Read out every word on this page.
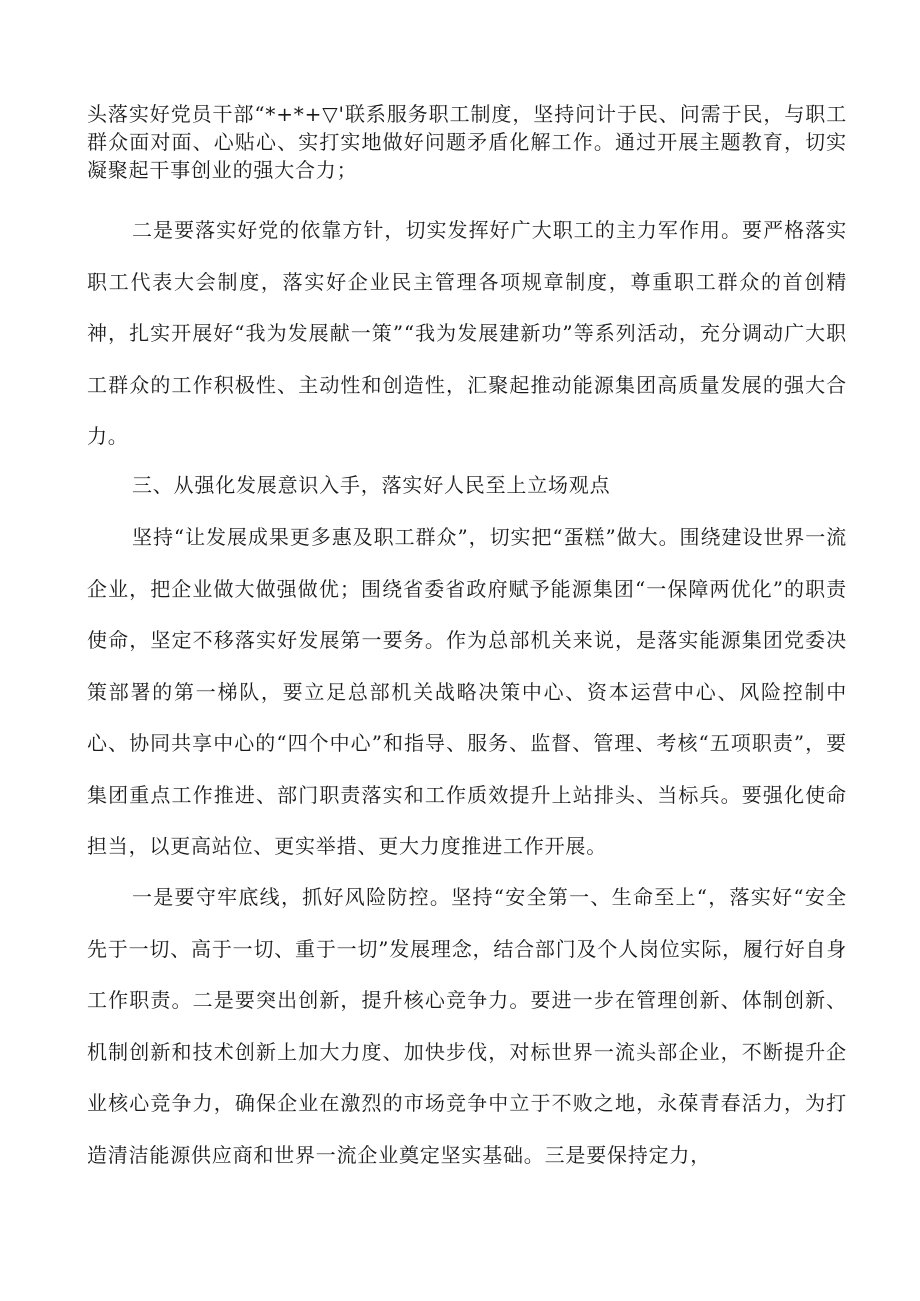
头落实好党员干部“*+*+▽'联系服务职工制度，坚持问计于民、问需于民，与职工群众面对面、心贴心、实打实地做好问题矛盾化解工作。通过开展主题教育，切实凝聚起干事创业的强大合力；

二是要落实好党的依靠方针，切实发挥好广大职工的主力军作用。要严格落实职工代表大会制度，落实好企业民主管理各项规章制度，尊重职工群众的首创精神，扎实开展好“我为发展献一策”“我为发展建新功”等系列活动，充分调动广大职工群众的工作积极性、主动性和创造性，汇聚起推动能源集团高质量发展的强大合力。

三、从强化发展意识入手，落实好人民至上立场观点

坚持“让发展成果更多惠及职工群众”，切实把“蛋糕”做大。围绕建设世界一流企业，把企业做大做强做优；围绕省委省政府赋予能源集团“一保障两优化”的职责使命，坚定不移落实好发展第一要务。作为总部机关来说，是落实能源集团党委决策部署的第一梯队，要立足总部机关战略决策中心、资本运营中心、风险控制中心、协同共享中心的“四个中心”和指导、服务、监督、管理、考核“五项职责”，要集团重点工作推进、部门职责落实和工作质效提升上站排头、当标兵。要强化使命担当，以更高站位、更实举措、更大力度推进工作开展。

一是要守牢底线，抓好风险防控。坚持“安全第一、生命至上“，落实好“安全先于一切、高于一切、重于一切”发展理念，结合部门及个人岗位实际，履行好自身工作职责。二是要突出创新，提升核心竞争力。要进一步在管理创新、体制创新、机制创新和技术创新上加大力度、加快步伐，对标世界一流头部企业，不断提升企业核心竞争力，确保企业在激烈的市场竞争中立于不败之地，永葆青春活力，为打造清洁能源供应商和世界一流企业奠定坚实基础。三是要保持定力，
